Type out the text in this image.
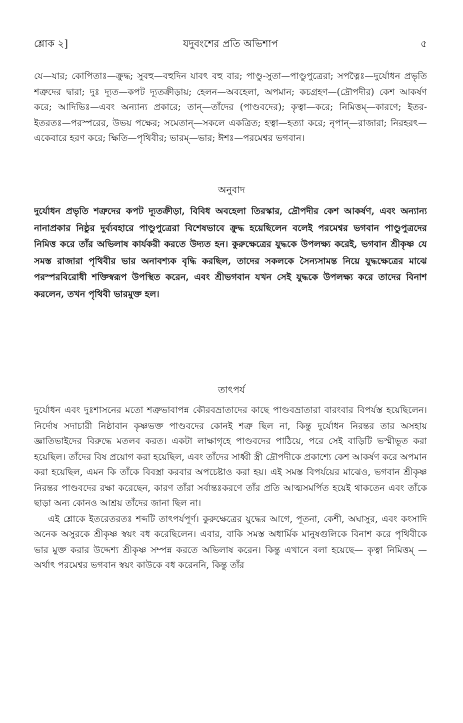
শ্লোক ২]	যদুবংশের প্রতি অভিশাপ	৫
যে—যার; কোপিতাঃ—ক্রুদ্ধ; সুবহু—বহুদিন যাবৎ বহু বার; পাণ্ডু-সুতা—পাণ্ডুপুত্রেরা; সপত্নৈঃ—দুর্যোধন প্রভৃতি শত্রুদের দ্বারা; দুঃ দ্যূত—কপট দ্যূতক্রীড়ায়; হেলন—অবহেলা, অপমান; কচগ্রহণ—(দ্রৌপদীর) কেশ আকর্ষণ করে; আদিভিঃ—এবং অন্যান্য প্রকারে; তান্—তাঁদের (পাণ্ডবদের); কৃত্বা—করে; নিমিত্তম্—কারণে; ইতর-ইতরতঃ—পরস্পরের, উভয় পক্ষের; সমেতান্—সকলে একত্রিত; হত্বা—হত্যা করে; নৃপান্—রাজারা; নিরহরৎ—একেবারে হরণ করে; ক্ষিতি—পৃথিবীর; ভারম্—ভার; ঈশঃ—পরমেশ্বর ভগবান।
অনুবাদ
দুর্যোধন প্রভৃতি শত্রুদের কপট দ্যূতক্রীড়া, বিবিধ অবহেলা তিরস্কার, দ্রৌপদীর কেশ আকর্ষণ, এবং অন্যান্য নানাপ্রকার নিষ্ঠুর দুর্ব্যবহারে পাণ্ডুপুত্রেরা বিশেষভাবে ক্রুদ্ধ হয়েছিলেন বলেই পরমেশ্বর ভগবান পাণ্ডুপুত্রদের নিমিত্ত করে তাঁর অভিলাষ কার্যকরী করতে উদ্যত হন। কুরুক্ষেত্রের যুদ্ধকে উপলক্ষ্য করেই, ভগবান শ্রীকৃষ্ণ যে সমস্ত রাজারা পৃথিবীর ভার অনাবশ্যক বৃদ্ধি করছিল, তাদের সকলকে সৈন্যসামন্ত নিয়ে যুদ্ধক্ষেত্রের মাঝে পরস্পরবিরোধী শক্তিস্বরূপ উপস্থিত করেন, এবং শ্রীভগবান যখন সেই যুদ্ধকে উপলক্ষ্য করে তাদের বিনাশ করলেন, তখন পৃথিবী ভারমুক্ত হল।
তাৎপর্য

দুর্যোধন এবং দুঃশাসনের মতো শত্রুভাবাপন্ন কৌরবভ্রাতাদের কাছে পাণ্ডবভ্রাতারা বারংবার বিপর্যস্ত হয়েছিলেন। নির্দোষ সদাচারী নিষ্ঠাবান কৃষ্ণভক্ত পাণ্ডবদের কোনই শত্রু ছিল না, কিন্তু দুর্যোধন নিরন্তর তার অসহায় জ্ঞাতিভাইদের বিরুদ্ধে মতলব করত। একটা লাক্ষাগৃহে পাণ্ডবদের পাঠিয়ে, পরে সেই বাড়িটি ভস্মীভূত করা হয়েছিল। তাঁদের বিষ প্রয়োগ করা হয়েছিল, এবং তাঁদের সাধ্বী স্ত্রী দ্রৌপদীকে প্রকাশ্যে কেশ আকর্ষণ করে অপমান করা হয়েছিল, এমন কি তাঁকে বিবস্ত্রা করবার অপচেষ্টাও করা হয়। এই সমস্ত বিপর্যয়ের মাঝেও, ভগবান শ্রীকৃষ্ণ নিরন্তর পাণ্ডবদের রক্ষা করেছেন, কারণ তাঁরা সর্বান্তঃকরণে তাঁর প্রতি আত্মসমর্পিত হয়েই থাকতেন এবং তাঁকে ছাড়া অন্য কোনও আশ্রয় তাঁদের জানা ছিল না।

এই শ্লোকে ইতরেতরতঃ শব্দটি তাৎপর্যপূর্ণ। কুরুক্ষেত্রের যুদ্ধের আগে, পূতনা, কেশী, অঘাসুর, এবং কংসাদি অনেক অসুরকে শ্রীকৃষ্ণ স্বয়ং বধ করেছিলেন। এবার, বাকি সমস্ত অধার্মিক মানুষগুলিকে বিনাশ করে পৃথিবীকে ভার মুক্ত করার উদ্দেশ্য শ্রীকৃষ্ণ সম্পন্ন করতে অভিলাষ করেন। কিন্তু এখানে বলা হয়েছে— কৃত্বা নিমিত্তম্ —অর্থাৎ পরমেশ্বর ভগবান স্বয়ং কাউকে বধ করেননি, কিন্তু তাঁর
